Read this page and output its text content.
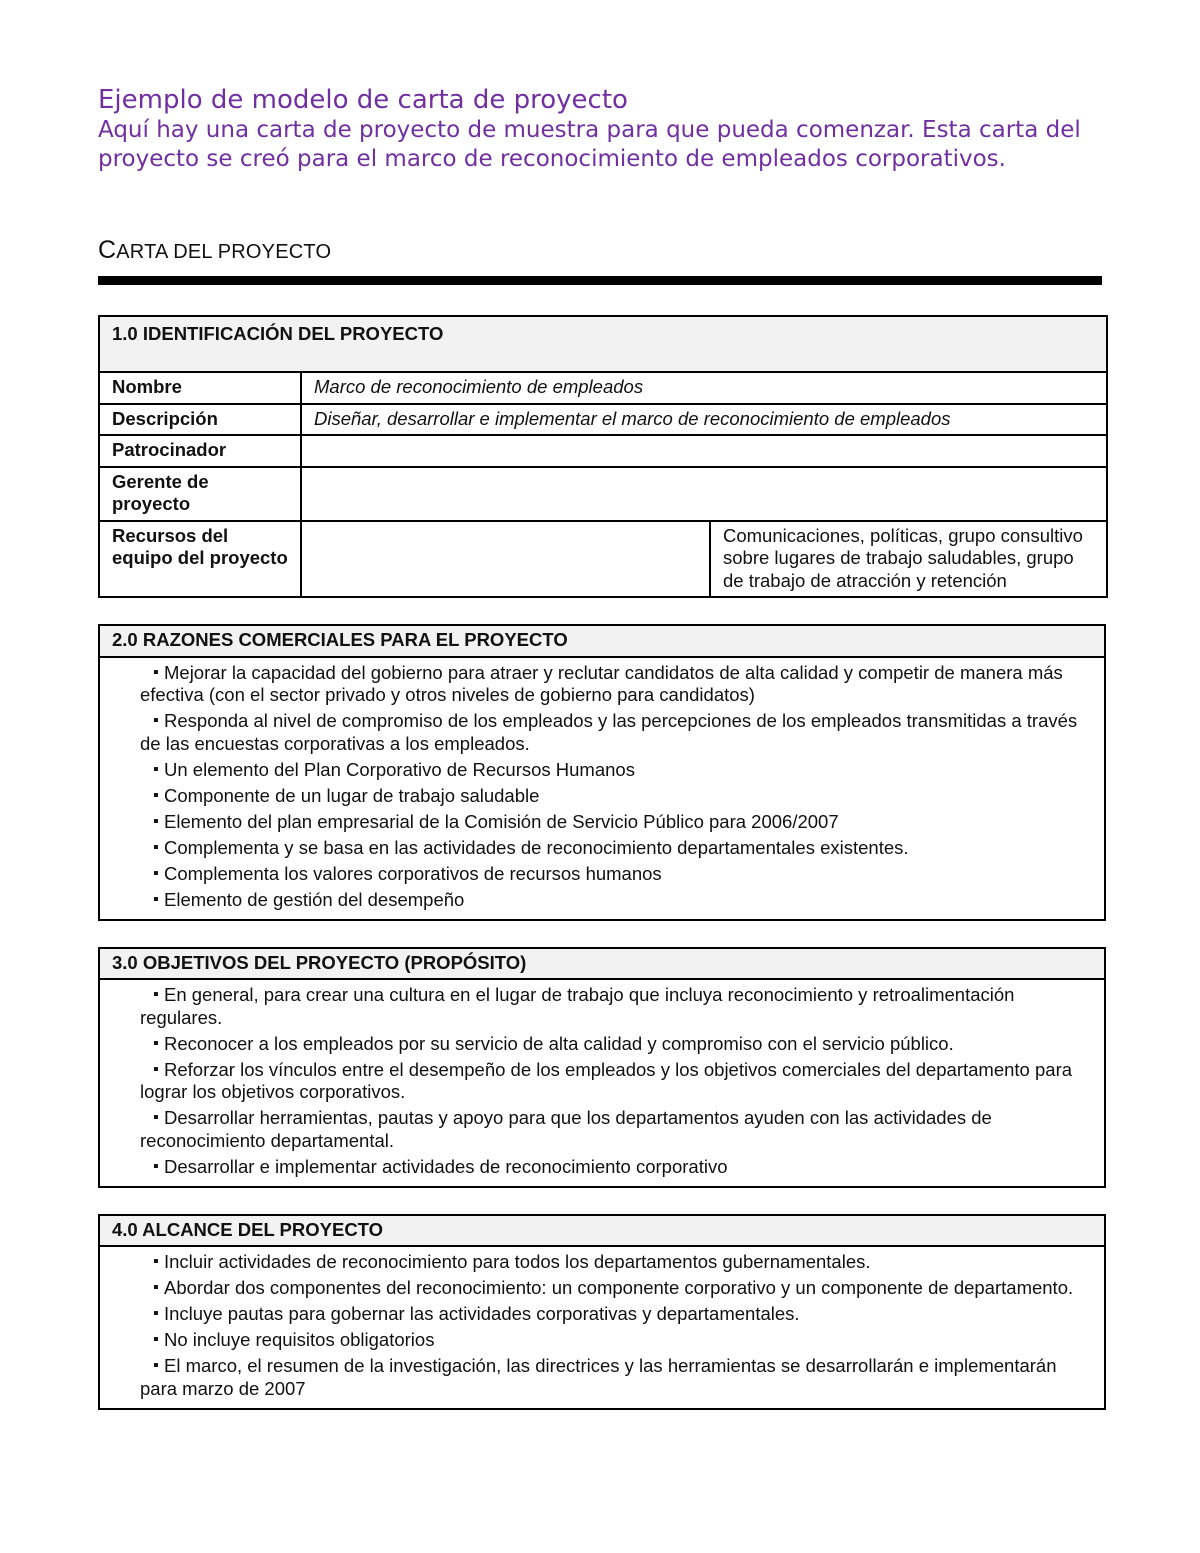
Ejemplo de modelo de carta de proyecto

Aquí hay una carta de proyecto de muestra para que pueda comenzar. Esta carta del proyecto se creó para el marco de reconocimiento de empleados corporativos.

CARTA DEL PROYECTO
1.0 IDENTIFICACIÓN DEL PROYECTO		
Nombre	Marco de reconocimiento de empleados	
Descripción	Diseñar, desarrollar e implementar el marco de reconocimiento de empleados	
Patrocinador		
Gerente de proyecto		
Recursos del equipo del proyecto		Comunicaciones, políticas, grupo consultivo sobre lugares de trabajo saludables, grupo de trabajo de atracción y retención
2.0 RAZONES COMERCIALES PARA EL PROYECTO

▪ Mejorar la capacidad del gobierno para atraer y reclutar candidatos de alta calidad y competir de manera más efectiva (con el sector privado y otros niveles de gobierno para candidatos)
▪ Responda al nivel de compromiso de los empleados y las percepciones de los empleados transmitidas a través de las encuestas corporativas a los empleados.
▪ Un elemento del Plan Corporativo de Recursos Humanos
▪ Componente de un lugar de trabajo saludable
▪ Elemento del plan empresarial de la Comisión de Servicio Público para 2006/2007
▪ Complementa y se basa en las actividades de reconocimiento departamentales existentes.
▪ Complementa los valores corporativos de recursos humanos
▪ Elemento de gestión del desempeño
3.0 OBJETIVOS DEL PROYECTO (PROPÓSITO)

▪ En general, para crear una cultura en el lugar de trabajo que incluya reconocimiento y retroalimentación regulares.
▪ Reconocer a los empleados por su servicio de alta calidad y compromiso con el servicio público.
▪ Reforzar los vínculos entre el desempeño de los empleados y los objetivos comerciales del departamento para lograr los objetivos corporativos.
▪ Desarrollar herramientas, pautas y apoyo para que los departamentos ayuden con las actividades de reconocimiento departamental.
▪ Desarrollar e implementar actividades de reconocimiento corporativo
4.0 ALCANCE DEL PROYECTO

▪ Incluir actividades de reconocimiento para todos los departamentos gubernamentales.
▪ Abordar dos componentes del reconocimiento: un componente corporativo y un componente de departamento.
▪ Incluye pautas para gobernar las actividades corporativas y departamentales.
▪ No incluye requisitos obligatorios
▪ El marco, el resumen de la investigación, las directrices y las herramientas se desarrollarán e implementarán para marzo de 2007
